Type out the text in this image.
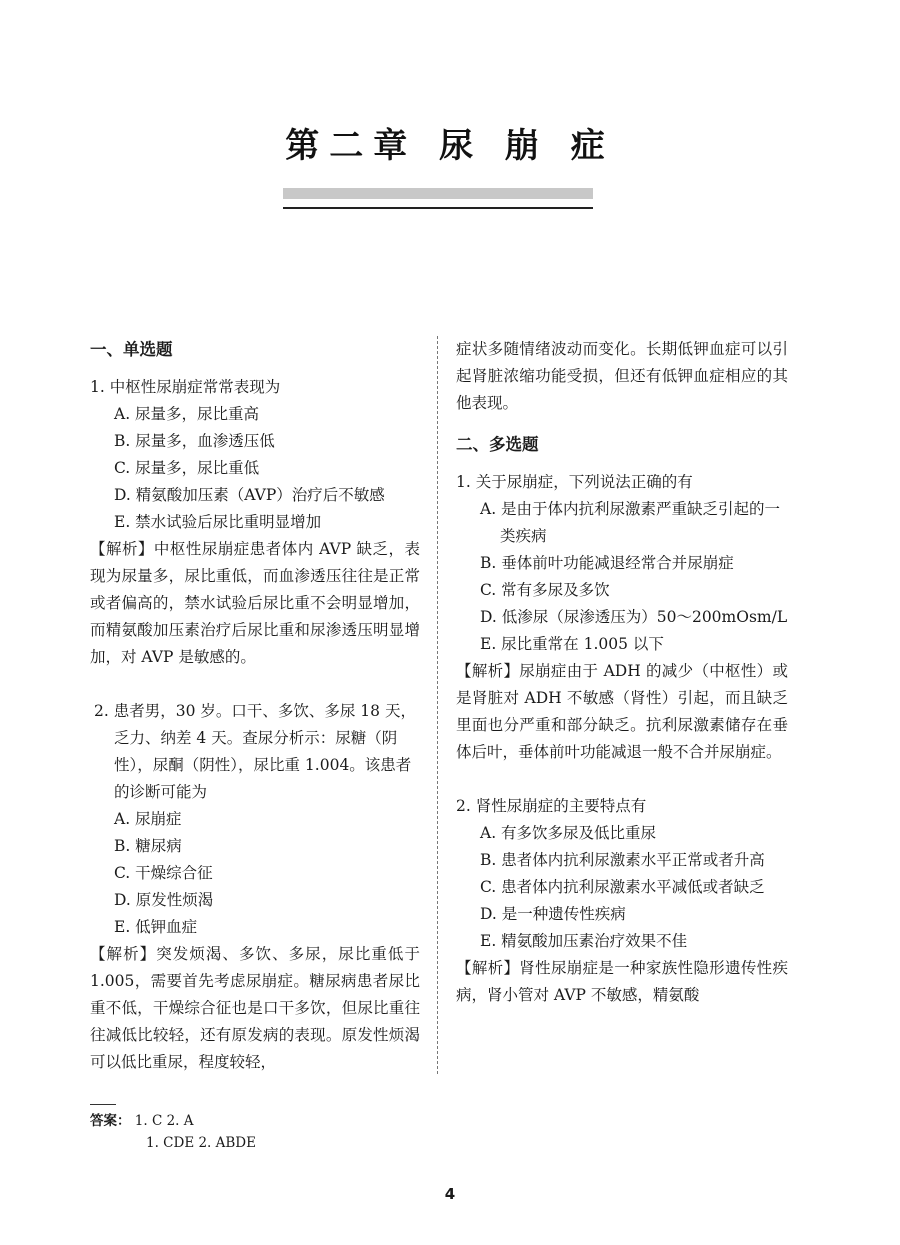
第二章 尿 崩 症
一、单选题

1. 中枢性尿崩症常常表现为

A. 尿量多，尿比重高

B. 尿量多，血渗透压低

C. 尿量多，尿比重低

D. 精氨酸加压素（AVP）治疗后不敏感

E. 禁水试验后尿比重明显增加

【解析】中枢性尿崩症患者体内 AVP 缺乏，表现为尿量多，尿比重低，而血渗透压往往是正常或者偏高的，禁水试验后尿比重不会明显增加，而精氨酸加压素治疗后尿比重和尿渗透压明显增加，对 AVP 是敏感的。

2. 患者男，30 岁。口干、多饮、多尿 18 天，乏力、纳差 4 天。查尿分析示：尿糖（阴性），尿酮（阴性），尿比重 1.004。该患者的诊断可能为

A. 尿崩症

B. 糖尿病

C. 干燥综合征

D. 原发性烦渴

E. 低钾血症

【解析】突发烦渴、多饮、多尿，尿比重低于 1.005，需要首先考虑尿崩症。糖尿病患者尿比重不低，干燥综合征也是口干多饮，但尿比重往往减低比较轻，还有原发病的表现。原发性烦渴可以低比重尿，程度较轻，

症状多随情绪波动而变化。长期低钾血症可以引起肾脏浓缩功能受损，但还有低钾血症相应的其他表现。

二、多选题

1. 关于尿崩症，下列说法正确的有

A. 是由于体内抗利尿激素严重缺乏引起的一类疾病

B. 垂体前叶功能减退经常合并尿崩症

C. 常有多尿及多饮

D. 低渗尿（尿渗透压为）50～200mOsm/L

E. 尿比重常在 1.005 以下

【解析】尿崩症由于 ADH 的减少（中枢性）或是肾脏对 ADH 不敏感（肾性）引起，而且缺乏里面也分严重和部分缺乏。抗利尿激素储存在垂体后叶，垂体前叶功能减退一般不合并尿崩症。

2. 肾性尿崩症的主要特点有

A. 有多饮多尿及低比重尿

B. 患者体内抗利尿激素水平正常或者升高

C. 患者体内抗利尿激素水平减低或者缺乏

D. 是一种遗传性疾病

E. 精氨酸加压素治疗效果不佳

【解析】肾性尿崩症是一种家族性隐形遗传性疾病，肾小管对 AVP 不敏感，精氨酸

答案： 1. C 2. A
1. CDE 2. ABDE
4
